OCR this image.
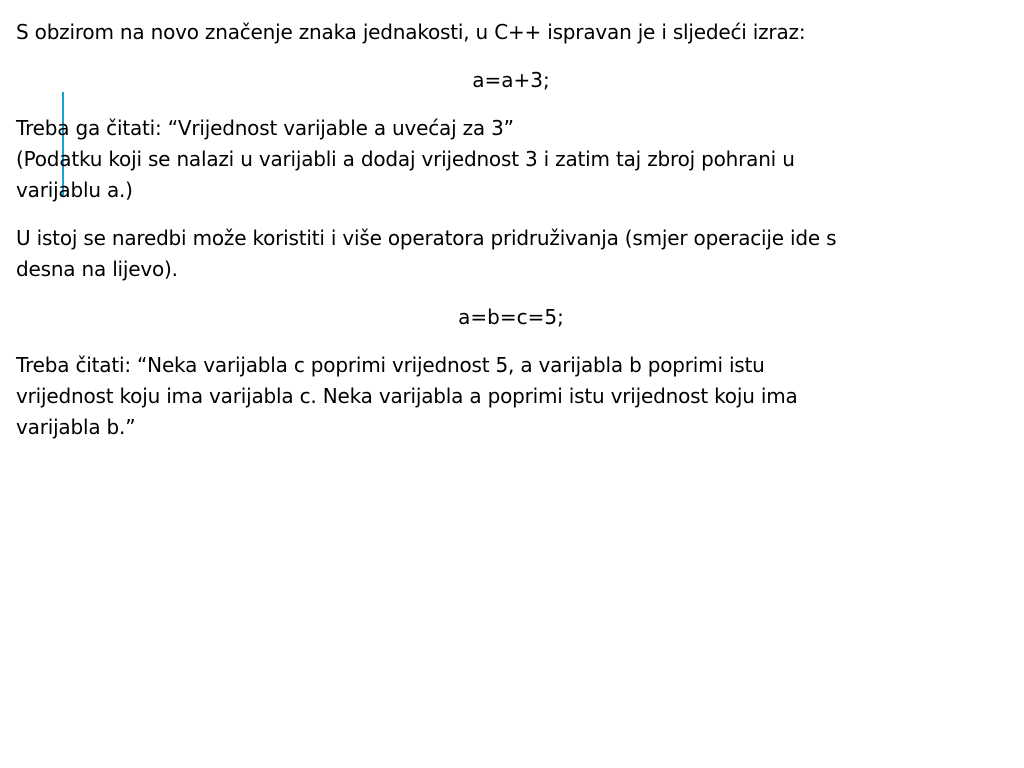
S obzirom na novo značenje znaka jednakosti, u C++ ispravan je i sljedeći izraz:

a=a+3;

Treba ga čitati: “Vrijednost varijable a uvećaj za 3”
(Podatku koji se nalazi u varijabli a dodaj vrijednost 3 i zatim taj zbroj pohrani u
varijablu a.)

U istoj se naredbi može koristiti i više operatora pridruživanja (smjer operacije ide s
desna na lijevo).

a=b=c=5;

Treba čitati: “Neka varijabla c poprimi vrijednost 5, a varijabla b poprimi istu
vrijednost koju ima varijabla c. Neka varijabla a poprimi istu vrijednost koju ima
varijabla b.”
